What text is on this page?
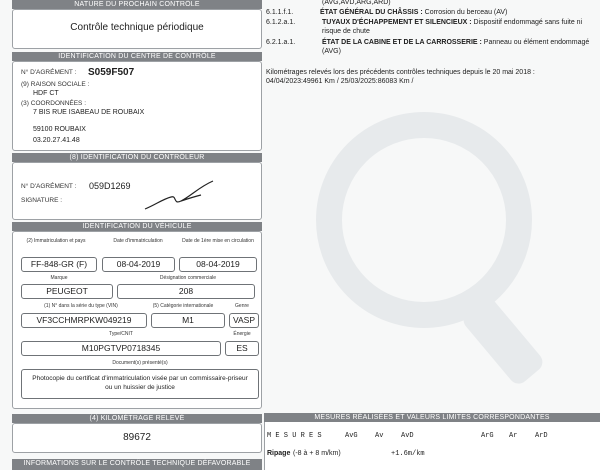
NATURE DU PROCHAIN CONTRÔLE
Contrôle technique périodique
IDENTIFICATION DU CENTRE DE CONTRÔLE
N° D'AGRÉMENT : S059F507
(9) RAISON SOCIALE :
HDF CT
(3) COORDONNÉES :
7 BIS RUE ISABEAU DE ROUBAIX
59100 ROUBAIX
03.20.27.41.48
(8) IDENTIFICATION DU CONTRÔLEUR
N° D'AGRÉMENT : 059D1269
SIGNATURE :
IDENTIFICATION DU VÉHICULE
(2) Immatriculation et pays	Date d'immatriculation	Date de 1ère mise en circulation
FF-848-GR (F)	08-04-2019	08-04-2019
Marque	Désignation commerciale
PEUGEOT	208
(1) N° dans la série du type (VIN)	(5) Catégorie internationale	Genre
VF3CCHMRPKW049219	M1	VASP
Type/CNIT	Énergie
M10PGTVP0718345	ES
Document(s) présenté(s)
Photocopie du certificat d'immatriculation visée par un commissaire-priseur ou un huissier de justice
(4) KILOMÉTRAGE RELEVÉ
89672
INFORMATIONS SUR LE CONTRÔLE TECHNIQUE DÉFAVORABLE
(AVG,AVD,ARG,ARD)
6.1.1.f.1.	ÉTAT GÉNÉRAL DU CHÂSSIS : Corrosion du berceau (AV)
6.1.2.a.1.	TUYAUX D'ÉCHAPPEMENT ET SILENCIEUX : Dispositif endommagé sans fuite ni risque de chute
6.2.1.a.1.	ÉTAT DE LA CABINE ET DE LA CARROSSERIE : Panneau ou élément endommagé (AVG)
Kilométrages relevés lors des précédents contrôles techniques depuis le 20 mai 2018 :
04/04/2023:49961 Km / 25/03/2025:86083 Km /
MESURES RÉALISÉES ET VALEURS LIMITES CORRESPONDANTES
M E S U R E S	AvG Av	AvD	ArG Ar	ArD
Ripage (-8 à + 8 m/km)	+1.6m/km
